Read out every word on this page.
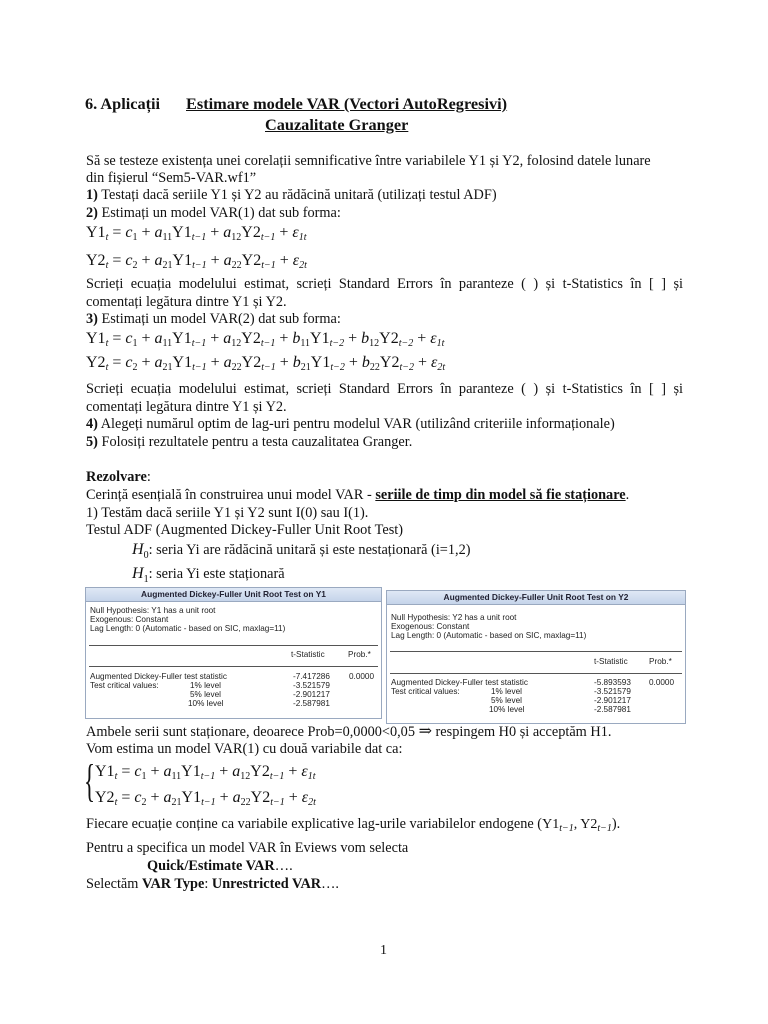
6. Aplicații Estimare modele VAR (Vectori AutoRegresivi)
Cauzalitate Granger
Să se testeze existența unei corelații semnificative între variabilele Y1 și Y2, folosind datele lunare
din fișierul “Sem5-VAR.wf1”
1) Testați dacă seriile Y1 și Y2 au rădăcină unitară (utilizați testul ADF)
2) Estimați un model VAR(1) dat sub forma:
$Y1_t = c_1 + a_{11}Y1_{t-1} + a_{12}Y2_{t-1} + \varepsilon_{1t}$
$Y2_t = c_2 + a_{21}Y1_{t-1} + a_{22}Y2_{t-1} + \varepsilon_{2t}$
Scrieți ecuația modelului estimat, scrieți Standard Errors în paranteze ( ) și t-Statistics în [ ] și
comentați legătura dintre Y1 și Y2.
3) Estimați un model VAR(2) dat sub forma:
$Y1_t = c_1 + a_{11}Y1_{t-1} + a_{12}Y2_{t-1} + b_{11}Y1_{t-2} + b_{12}Y2_{t-2} + \varepsilon_{1t}$
$Y2_t = c_2 + a_{21}Y1_{t-1} + a_{22}Y2_{t-1} + b_{21}Y1_{t-2} + b_{22}Y2_{t-2} + \varepsilon_{2t}$
Scrieți ecuația modelului estimat, scrieți Standard Errors în paranteze ( ) și t-Statistics în [ ] și
comentați legătura dintre Y1 și Y2.
4) Alegeți numărul optim de lag-uri pentru modelul VAR (utilizând criteriile informaționale)
5) Folosiți rezultatele pentru a testa cauzalitatea Granger.
Rezolvare:
Cerință esențială în construirea unui model VAR - seriile de timp din model să fie staționare.
1) Testăm dacă seriile Y1 și Y2 sunt I(0) sau I(1).
Testul ADF (Augmented Dickey-Fuller Unit Root Test)
$H_0$: seria Yi are rădăcină unitară și este nestaționară (i=1,2)
$H_1$: seria Yi este staționară
Augmented Dickey-Fuller Unit Root Test on Y1
Null Hypothesis: Y1 has a unit root
Exogenous: Constant
Lag Length: 0 (Automatic - based on SIC, maxlag=11)
t-Statistic	Prob.*
Augmented Dickey-Fuller test statistic	-7.417286 0.0000
Test critical values:	1% level	-3.521579
5% level	-2.901217
10% level	-2.587981
Augmented Dickey-Fuller Unit Root Test on Y2
Null Hypothesis: Y2 has a unit root
Exogenous: Constant
Lag Length: 0 (Automatic - based on SIC, maxlag=11)
t-Statistic	Prob.*
Augmented Dickey-Fuller test statistic	-5.893593 0.0000
Test critical values:	1% level	-3.521579
5% level	-2.901217
10% level	-2.587981
Ambele serii sunt staționare, deoarece Prob=0,0000<0,05 ⇒ respingem H0 și acceptăm H1.
Vom estima un model VAR(1) cu două variabile dat ca:
{ $Y1_t = c_1 + a_{11}Y1_{t-1} + a_{12}Y2_{t-1} + \varepsilon_{1t}$
$Y2_t = c_2 + a_{21}Y1_{t-1} + a_{22}Y2_{t-1} + \varepsilon_{2t}$
Fiecare ecuație conține ca variabile explicative lag-urile variabilelor endogene ($Y1_{t-1}$, $Y2_{t-1}$).
Pentru a specifica un model VAR în Eviews vom selecta
Quick/Estimate VAR….
Selectăm VAR Type: Unrestricted VAR….
1
